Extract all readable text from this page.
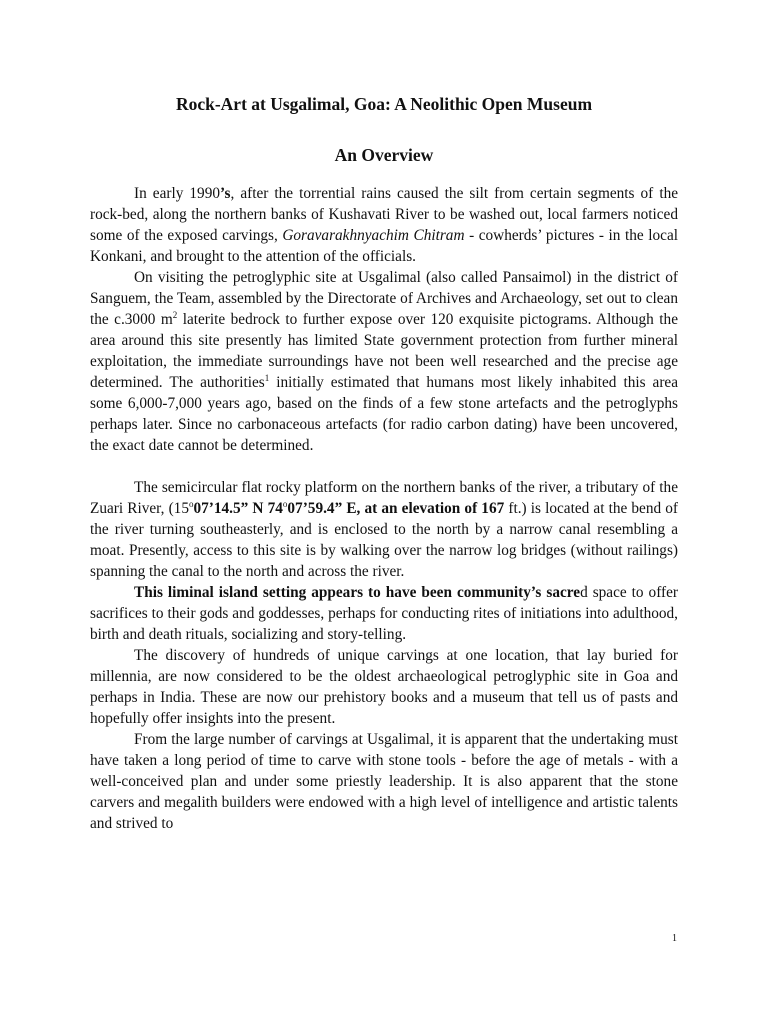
Rock-Art at Usgalimal, Goa: A Neolithic Open Museum
An Overview

In early 1990’s, after the torrential rains caused the silt from certain segments of the rock-bed, along the northern banks of Kushavati River to be washed out, local farmers noticed some of the exposed carvings, Goravarakhnyachim Chitram - cowherds’ pictures - in the local Konkani, and brought to the attention of the officials.

On visiting the petroglyphic site at Usgalimal (also called Pansaimol) in the district of Sanguem, the Team, assembled by the Directorate of Archives and Archaeology, set out to clean the c.3000 $m^2$ laterite bedrock to further expose over 120 exquisite pictograms. Although the area around this site presently has limited State government protection from further mineral exploitation, the immediate surroundings have not been well researched and the precise age determined. The authorities$^1$ initially estimated that humans most likely inhabited this area some 6,000-7,000 years ago, based on the finds of a few stone artefacts and the petroglyphs perhaps later. Since no carbonaceous artefacts (for radio carbon dating) have been uncovered, the exact date cannot be determined.

The semicircular flat rocky platform on the northern banks of the river, a tributary of the Zuari River, (15$^o$07’14.5” N 74$^o$07’59.4” E, at an elevation of 167 ft.) is located at the bend of the river turning southeasterly, and is enclosed to the north by a narrow canal resembling a moat. Presently, access to this site is by walking over the narrow log bridges (without railings) spanning the canal to the north and across the river.

This liminal island setting appears to have been community’s sacred space to offer sacrifices to their gods and goddesses, perhaps for conducting rites of initiations into adulthood, birth and death rituals, socializing and story-telling.

The discovery of hundreds of unique carvings at one location, that lay buried for millennia, are now considered to be the oldest archaeological petroglyphic site in Goa and perhaps in India. These are now our prehistory books and a museum that tell us of pasts and hopefully offer insights into the present.

From the large number of carvings at Usgalimal, it is apparent that the undertaking must have taken a long period of time to carve with stone tools - before the age of metals - with a well-conceived plan and under some priestly leadership. It is also apparent that the stone carvers and megalith builders were endowed with a high level of intelligence and artistic talents and strived to

1
